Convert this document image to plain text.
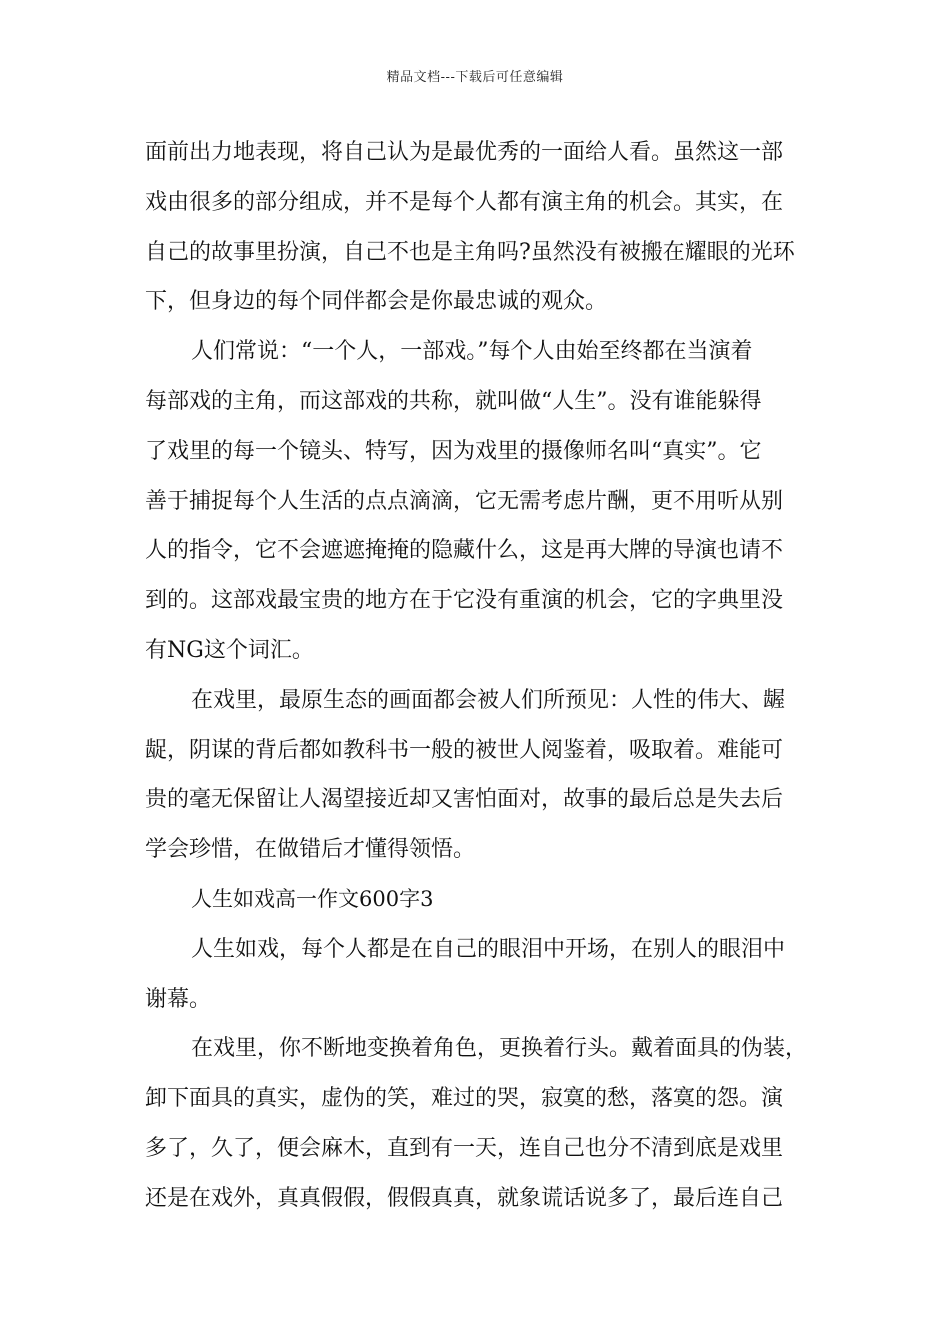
精品文档---下载后可任意编辑
面前出力地表现，将自己认为是最优秀的一面给人看。虽然这一部
戏由很多的部分组成，并不是每个人都有演主角的机会。其实，在
自己的故事里扮演，自己不也是主角吗?虽然没有被搬在耀眼的光环
下，但身边的每个同伴都会是你最忠诚的观众。
人们常说：“一个人，一部戏。”每个人由始至终都在当演着
每部戏的主角，而这部戏的共称，就叫做“人生”。没有谁能躲得
了戏里的每一个镜头、特写，因为戏里的摄像师名叫“真实”。它
善于捕捉每个人生活的点点滴滴，它无需考虑片酬，更不用听从别
人的指令，它不会遮遮掩掩的隐藏什么，这是再大牌的导演也请不
到的。这部戏最宝贵的地方在于它没有重演的机会，它的字典里没
有NG这个词汇。
在戏里，最原生态的画面都会被人们所预见：人性的伟大、龌
龊，阴谋的背后都如教科书一般的被世人阅鉴着，吸取着。难能可
贵的毫无保留让人渴望接近却又害怕面对，故事的最后总是失去后
学会珍惜，在做错后才懂得领悟。
人生如戏高一作文600字3
人生如戏，每个人都是在自己的眼泪中开场，在别人的眼泪中
谢幕。
在戏里，你不断地变换着角色，更换着行头。戴着面具的伪装，
卸下面具的真实，虚伪的笑，难过的哭，寂寞的愁，落寞的怨。演
多了，久了，便会麻木，直到有一天，连自己也分不清到底是戏里
还是在戏外，真真假假，假假真真，就象谎话说多了，最后连自己
